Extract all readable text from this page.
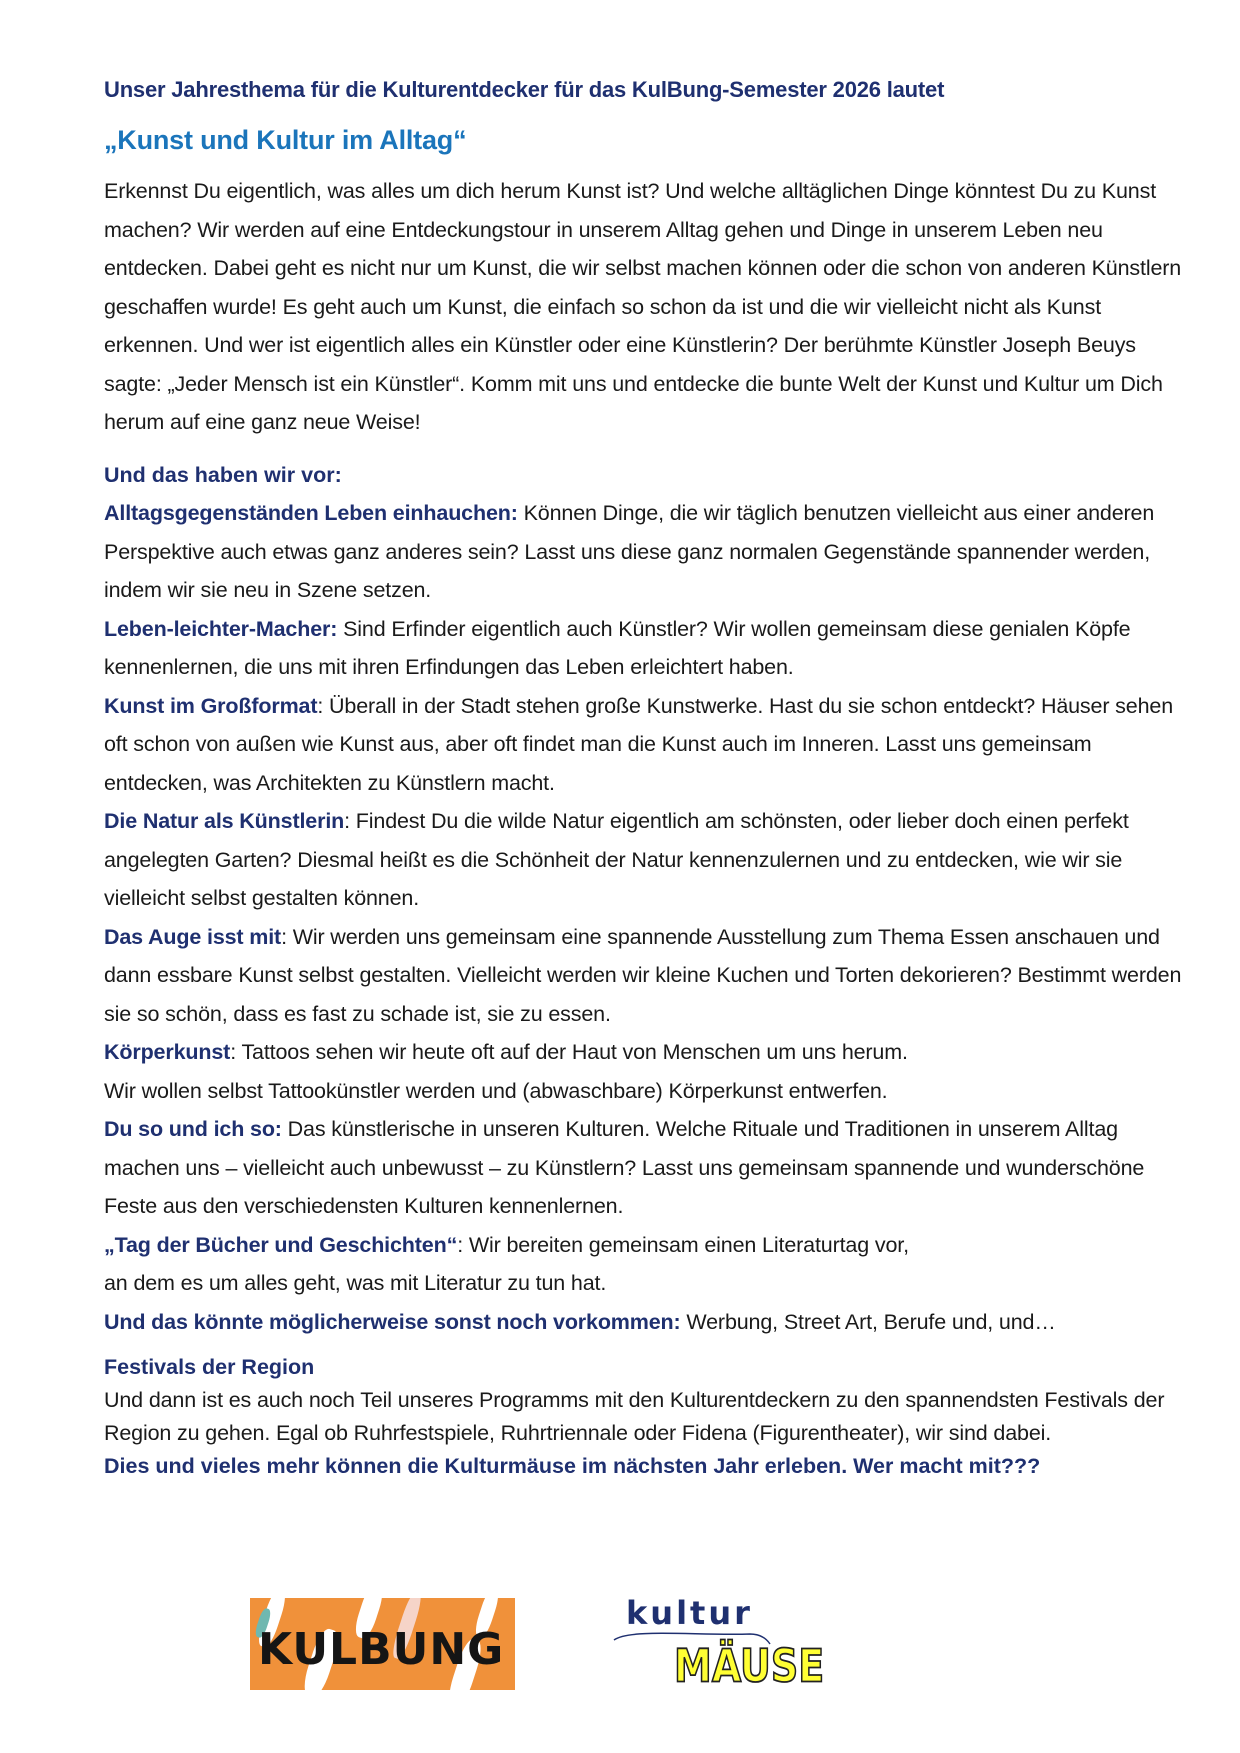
Unser Jahresthema für die Kulturentdecker für das KulBung-Semester 2026 lautet

„Kunst und Kultur im Alltag“

Erkennst Du eigentlich, was alles um dich herum Kunst ist? Und welche alltäglichen Dinge könntest Du zu Kunst machen? Wir werden auf eine Entdeckungstour in unserem Alltag gehen und Dinge in unserem Leben neu entdecken. Dabei geht es nicht nur um Kunst, die wir selbst machen können oder die schon von anderen Künstlern geschaffen wurde! Es geht auch um Kunst, die einfach so schon da ist und die wir vielleicht nicht als Kunst erkennen. Und wer ist eigentlich alles ein Künstler oder eine Künstlerin? Der berühmte Künstler Joseph Beuys sagte: „Jeder Mensch ist ein Künstler“. Komm mit uns und entdecke die bunte Welt der Kunst und Kultur um Dich herum auf eine ganz neue Weise!

Und das haben wir vor:

Alltagsgegenständen Leben einhauchen: Können Dinge, die wir täglich benutzen vielleicht aus einer anderen Perspektive auch etwas ganz anderes sein? Lasst uns diese ganz normalen Gegenstände spannender werden, indem wir sie neu in Szene setzen.

Leben-leichter-Macher: Sind Erfinder eigentlich auch Künstler? Wir wollen gemeinsam diese genialen Köpfe kennenlernen, die uns mit ihren Erfindungen das Leben erleichtert haben.

Kunst im Großformat: Überall in der Stadt stehen große Kunstwerke. Hast du sie schon entdeckt? Häuser sehen oft schon von außen wie Kunst aus, aber oft findet man die Kunst auch im Inneren. Lasst uns gemeinsam entdecken, was Architekten zu Künstlern macht.

Die Natur als Künstlerin: Findest Du die wilde Natur eigentlich am schönsten, oder lieber doch einen perfekt angelegten Garten? Diesmal heißt es die Schönheit der Natur kennenzulernen und zu entdecken, wie wir sie vielleicht selbst gestalten können.

Das Auge isst mit: Wir werden uns gemeinsam eine spannende Ausstellung zum Thema Essen anschauen und dann essbare Kunst selbst gestalten. Vielleicht werden wir kleine Kuchen und Torten dekorieren? Bestimmt werden sie so schön, dass es fast zu schade ist, sie zu essen.

Körperkunst: Tattoos sehen wir heute oft auf der Haut von Menschen um uns herum.
Wir wollen selbst Tattookünstler werden und (abwaschbare) Körperkunst entwerfen.

Du so und ich so: Das künstlerische in unseren Kulturen. Welche Rituale und Traditionen in unserem Alltag machen uns – vielleicht auch unbewusst – zu Künstlern? Lasst uns gemeinsam spannende und wunderschöne Feste aus den verschiedensten Kulturen kennenlernen.

„Tag der Bücher und Geschichten“: Wir bereiten gemeinsam einen Literaturtag vor,
an dem es um alles geht, was mit Literatur zu tun hat.

Und das könnte möglicherweise sonst noch vorkommen: Werbung, Street Art, Berufe und, und…

Festivals der Region

Und dann ist es auch noch Teil unseres Programms mit den Kulturentdeckern zu den spannendsten Festivals der Region zu gehen. Egal ob Ruhrfestspiele, Ruhrtriennale oder Fidena (Figurentheater), wir sind dabei.

Dies und vieles mehr können die Kulturmäuse im nächsten Jahr erleben. Wer macht mit???

KULBUNG
kultur
MÄUSE
